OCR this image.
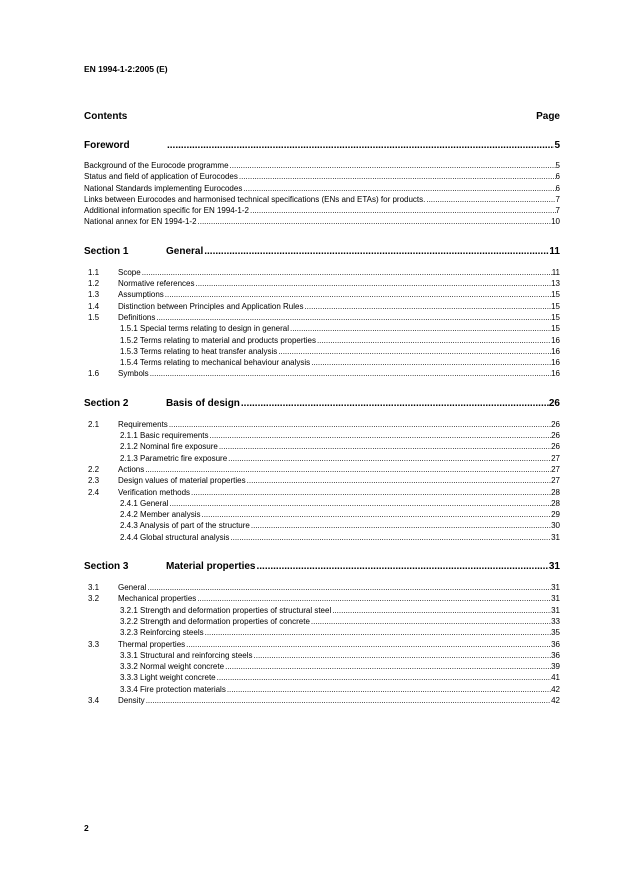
EN 1994-1-2:2005 (E)
Contents	Page
Foreword .....	5
Background of the Eurocode programme .....	5
Status and field of application of Eurocodes .....	6
National Standards implementing Eurocodes .....	6
Links between Eurocodes and harmonised technical specifications (ENs and ETAs) for products. .....	7
Additional information specific for EN 1994-1-2 .....	7
National annex for EN 1994-1-2 .....	10
Section 1	General .....	11
1.1	Scope .....	11
1.2	Normative references .....	13
1.3	Assumptions .....	15
1.4	Distinction between Principles and Application Rules .....	15
1.5	Definitions .....	15
1.5.1 Special terms relating to design in general .....	15
1.5.2 Terms relating to material and products properties .....	16
1.5.3 Terms relating to heat transfer analysis .....	16
1.5.4 Terms relating to mechanical behaviour analysis .....	16
1.6	Symbols .....	16
Section 2	Basis of design .....	26
2.1	Requirements .....	26
2.1.1 Basic requirements .....	26
2.1.2 Nominal fire exposure .....	26
2.1.3 Parametric fire exposure .....	27
2.2	Actions .....	27
2.3	Design values of material properties .....	27
2.4	Verification methods .....	28
2.4.1 General .....	28
2.4.2 Member analysis .....	29
2.4.3 Analysis of part of the structure .....	30
2.4.4 Global structural analysis .....	31
Section 3	Material properties .....	31
3.1	General .....	31
3.2	Mechanical properties .....	31
3.2.1 Strength and deformation properties of structural steel .....	31
3.2.2 Strength and deformation properties of concrete .....	33
3.2.3 Reinforcing steels .....	35
3.3	Thermal properties .....	36
3.3.1 Structural and reinforcing steels .....	36
3.3.2 Normal weight concrete .....	39
3.3.3 Light weight concrete .....	41
3.3.4 Fire protection materials .....	42
3.4	Density .....	42
2
